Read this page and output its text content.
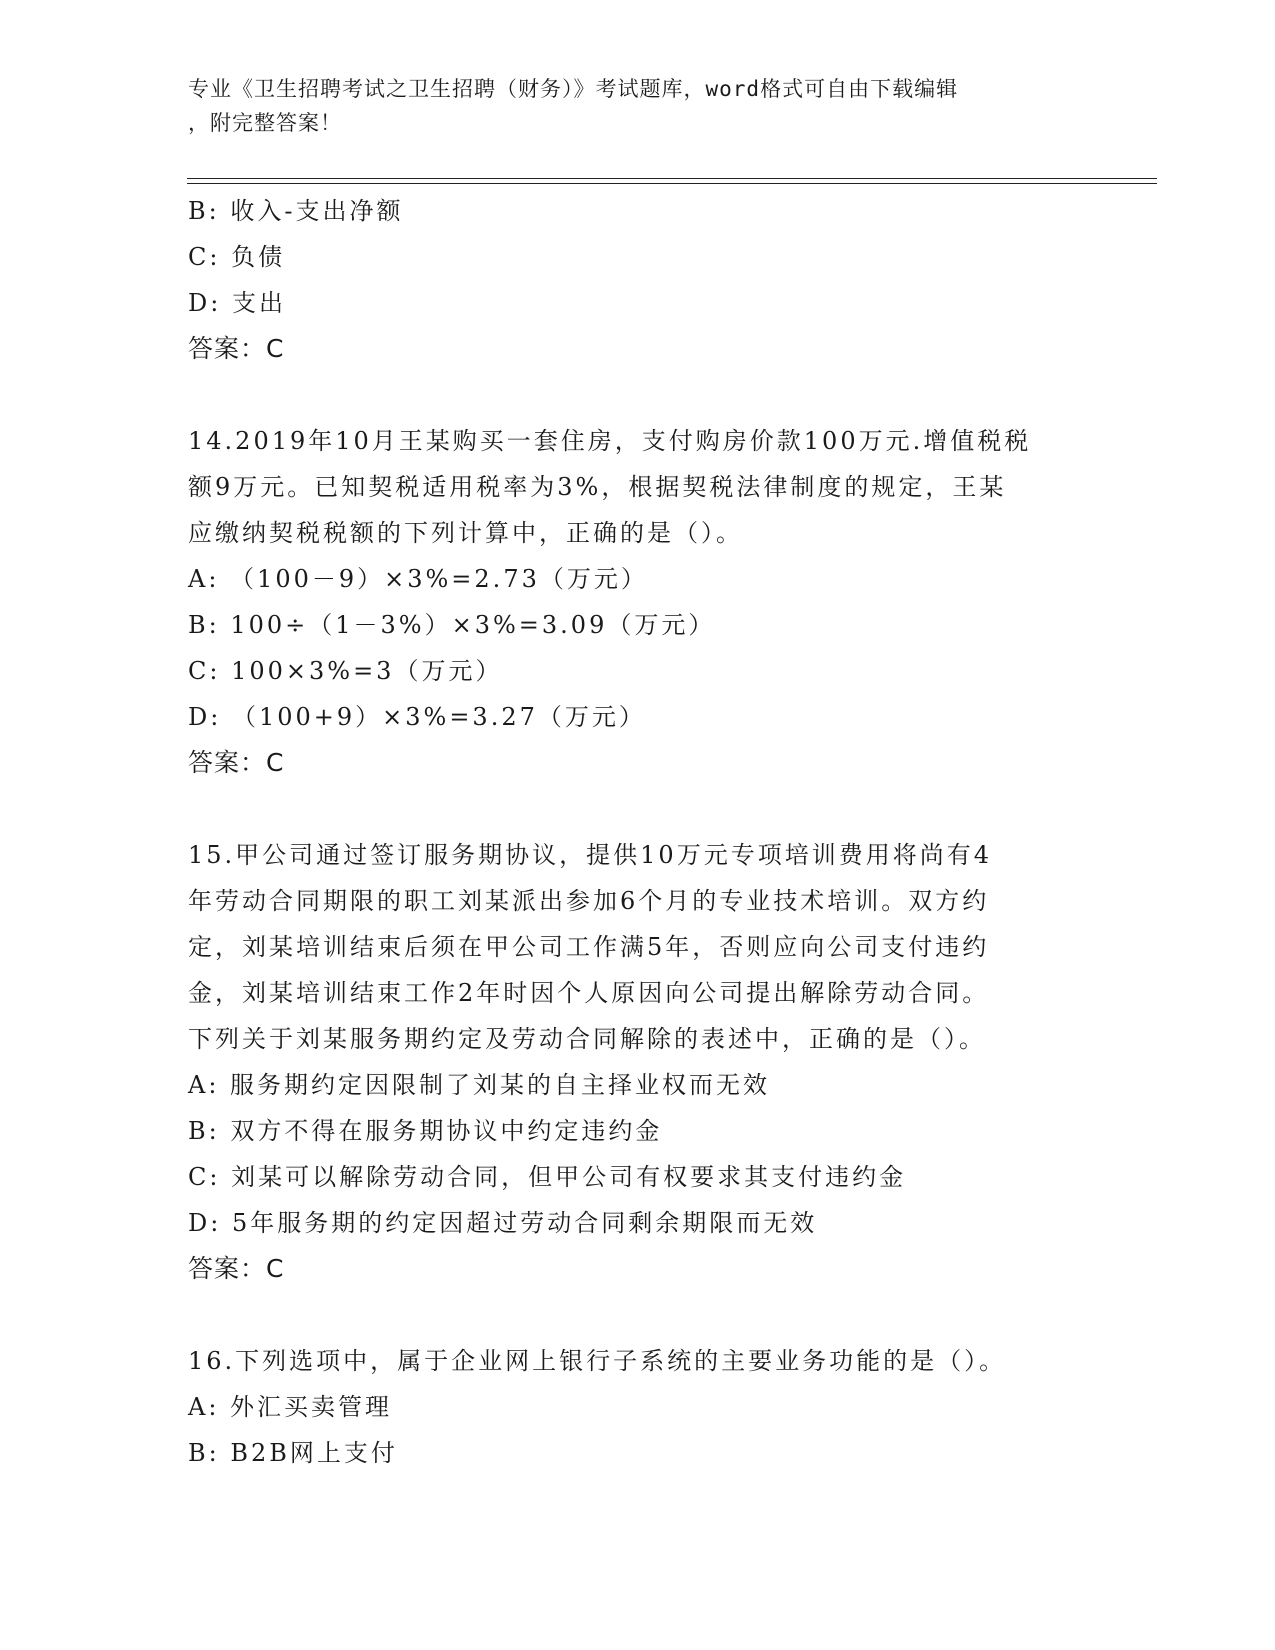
专业《卫生招聘考试之卫生招聘（财务）》考试题库，word格式可自由下载编辑
，附完整答案！

B: 收入-支出净额

C: 负债

D: 支出

答案：C

14.2019年10月王某购买一套住房，支付购房价款100万元.增值税税

额9万元。已知契税适用税率为3%，根据契税法律制度的规定，王某

应缴纳契税税额的下列计算中，正确的是（）。

A: （100－9）×3%=2.73（万元）

B: 100÷（1－3%）×3%=3.09（万元）

C: 100×3%=3（万元）

D: （100+9）×3%=3.27（万元）

答案：C

15.甲公司通过签订服务期协议，提供10万元专项培训费用将尚有4

年劳动合同期限的职工刘某派出参加6个月的专业技术培训。双方约

定，刘某培训结束后须在甲公司工作满5年，否则应向公司支付违约

金，刘某培训结束工作2年时因个人原因向公司提出解除劳动合同。

下列关于刘某服务期约定及劳动合同解除的表述中，正确的是（）。

A: 服务期约定因限制了刘某的自主择业权而无效

B: 双方不得在服务期协议中约定违约金

C: 刘某可以解除劳动合同，但甲公司有权要求其支付违约金

D: 5年服务期的约定因超过劳动合同剩余期限而无效

答案：C

16.下列选项中，属于企业网上银行子系统的主要业务功能的是（）。

A: 外汇买卖管理

B: B2B网上支付
